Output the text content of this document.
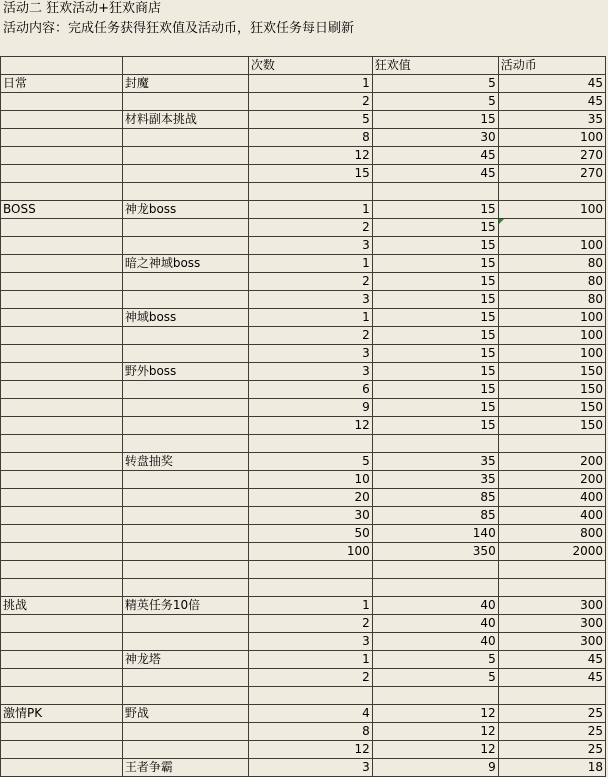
活动二 狂欢活动+狂欢商店
活动内容：完成任务获得狂欢值及活动币，狂欢任务每日刷新
		次数	狂欢值	活动币
日常	封魔	1	5	45
		2	5	45
	材料副本挑战	5	15	35
		8	30	100
		12	45	270
		15	45	270

BOSS	神龙boss	1	15	100
		2	15	
		3	15	100
	暗之神域boss	1	15	80
		2	15	80
		3	15	80
	神域boss	1	15	100
		2	15	100
		3	15	100
	野外boss	3	15	150
		6	15	150
		9	15	150
		12	15	150

	转盘抽奖	5	35	200
		10	35	200
		20	85	400
		30	85	400
		50	140	800
		100	350	2000

挑战	精英任务10倍	1	40	300
		2	40	300
		3	40	300
	神龙塔	1	5	45
		2	5	45

激情PK	野战	4	12	25
		8	12	25
		12	12	25
	王者争霸	3	9	18
